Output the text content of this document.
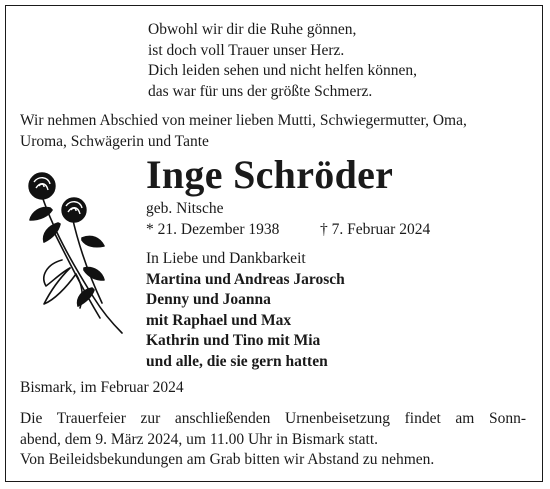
Obwohl wir dir die Ruhe gönnen,
ist doch voll Trauer unser Herz.
Dich leiden sehen und nicht helfen können,
das war für uns der größte Schmerz.
Wir nehmen Abschied von meiner lieben Mutti, Schwiegermutter, Oma,
Uroma, Schwägerin und Tante
Inge Schröder
geb. Nitsche
* 21. Dezember 1938	† 7. Februar 2024
In Liebe und Dankbarkeit
Martina und Andreas Jarosch
Denny und Joanna
mit Raphael und Max
Kathrin und Tino mit Mia
und alle, die sie gern hatten
Bismark, im Februar 2024
Die Trauerfeier zur anschließenden Urnenbeisetzung findet am Sonn-
abend, dem 9. März 2024, um 11.00 Uhr in Bismark statt.
Von Beileidsbekundungen am Grab bitten wir Abstand zu nehmen.
